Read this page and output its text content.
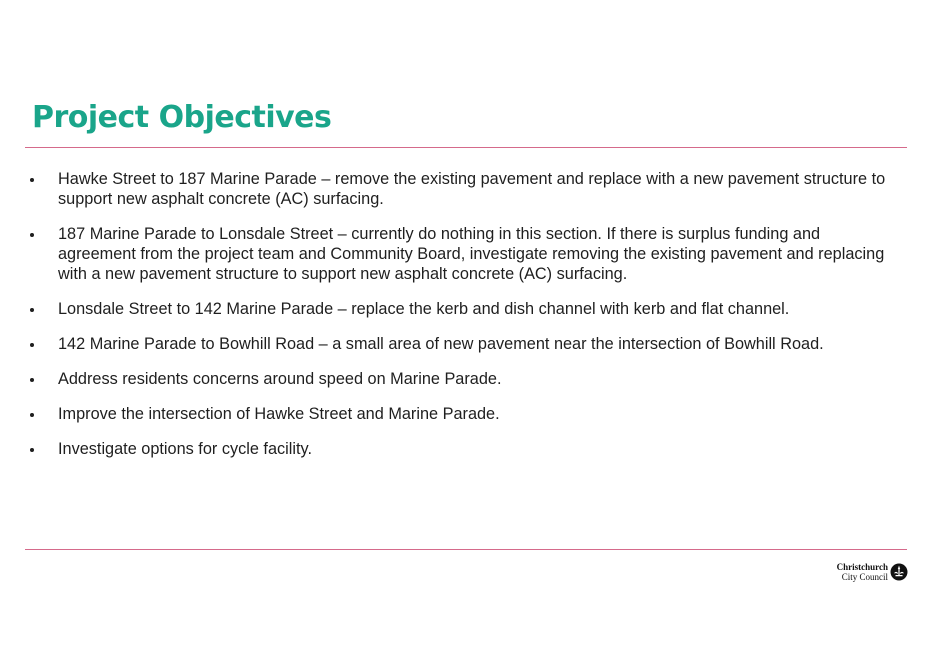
Project Objectives
Hawke Street to 187 Marine Parade – remove the existing pavement and replace with a new pavement structure to support new asphalt concrete (AC) surfacing.
187 Marine Parade to Lonsdale Street – currently do nothing in this section. If there is surplus funding and agreement from the project team and Community Board, investigate removing the existing pavement and replacing with a new pavement structure to support new asphalt concrete (AC) surfacing.
Lonsdale Street to 142 Marine Parade – replace the kerb and dish channel with kerb and flat channel.
142 Marine Parade to Bowhill Road – a small area of new pavement near the intersection of Bowhill Road.
Address residents concerns around speed on Marine Parade.
Improve the intersection of Hawke Street and Marine Parade.
Investigate options for cycle facility.
Christchurch
City Council
